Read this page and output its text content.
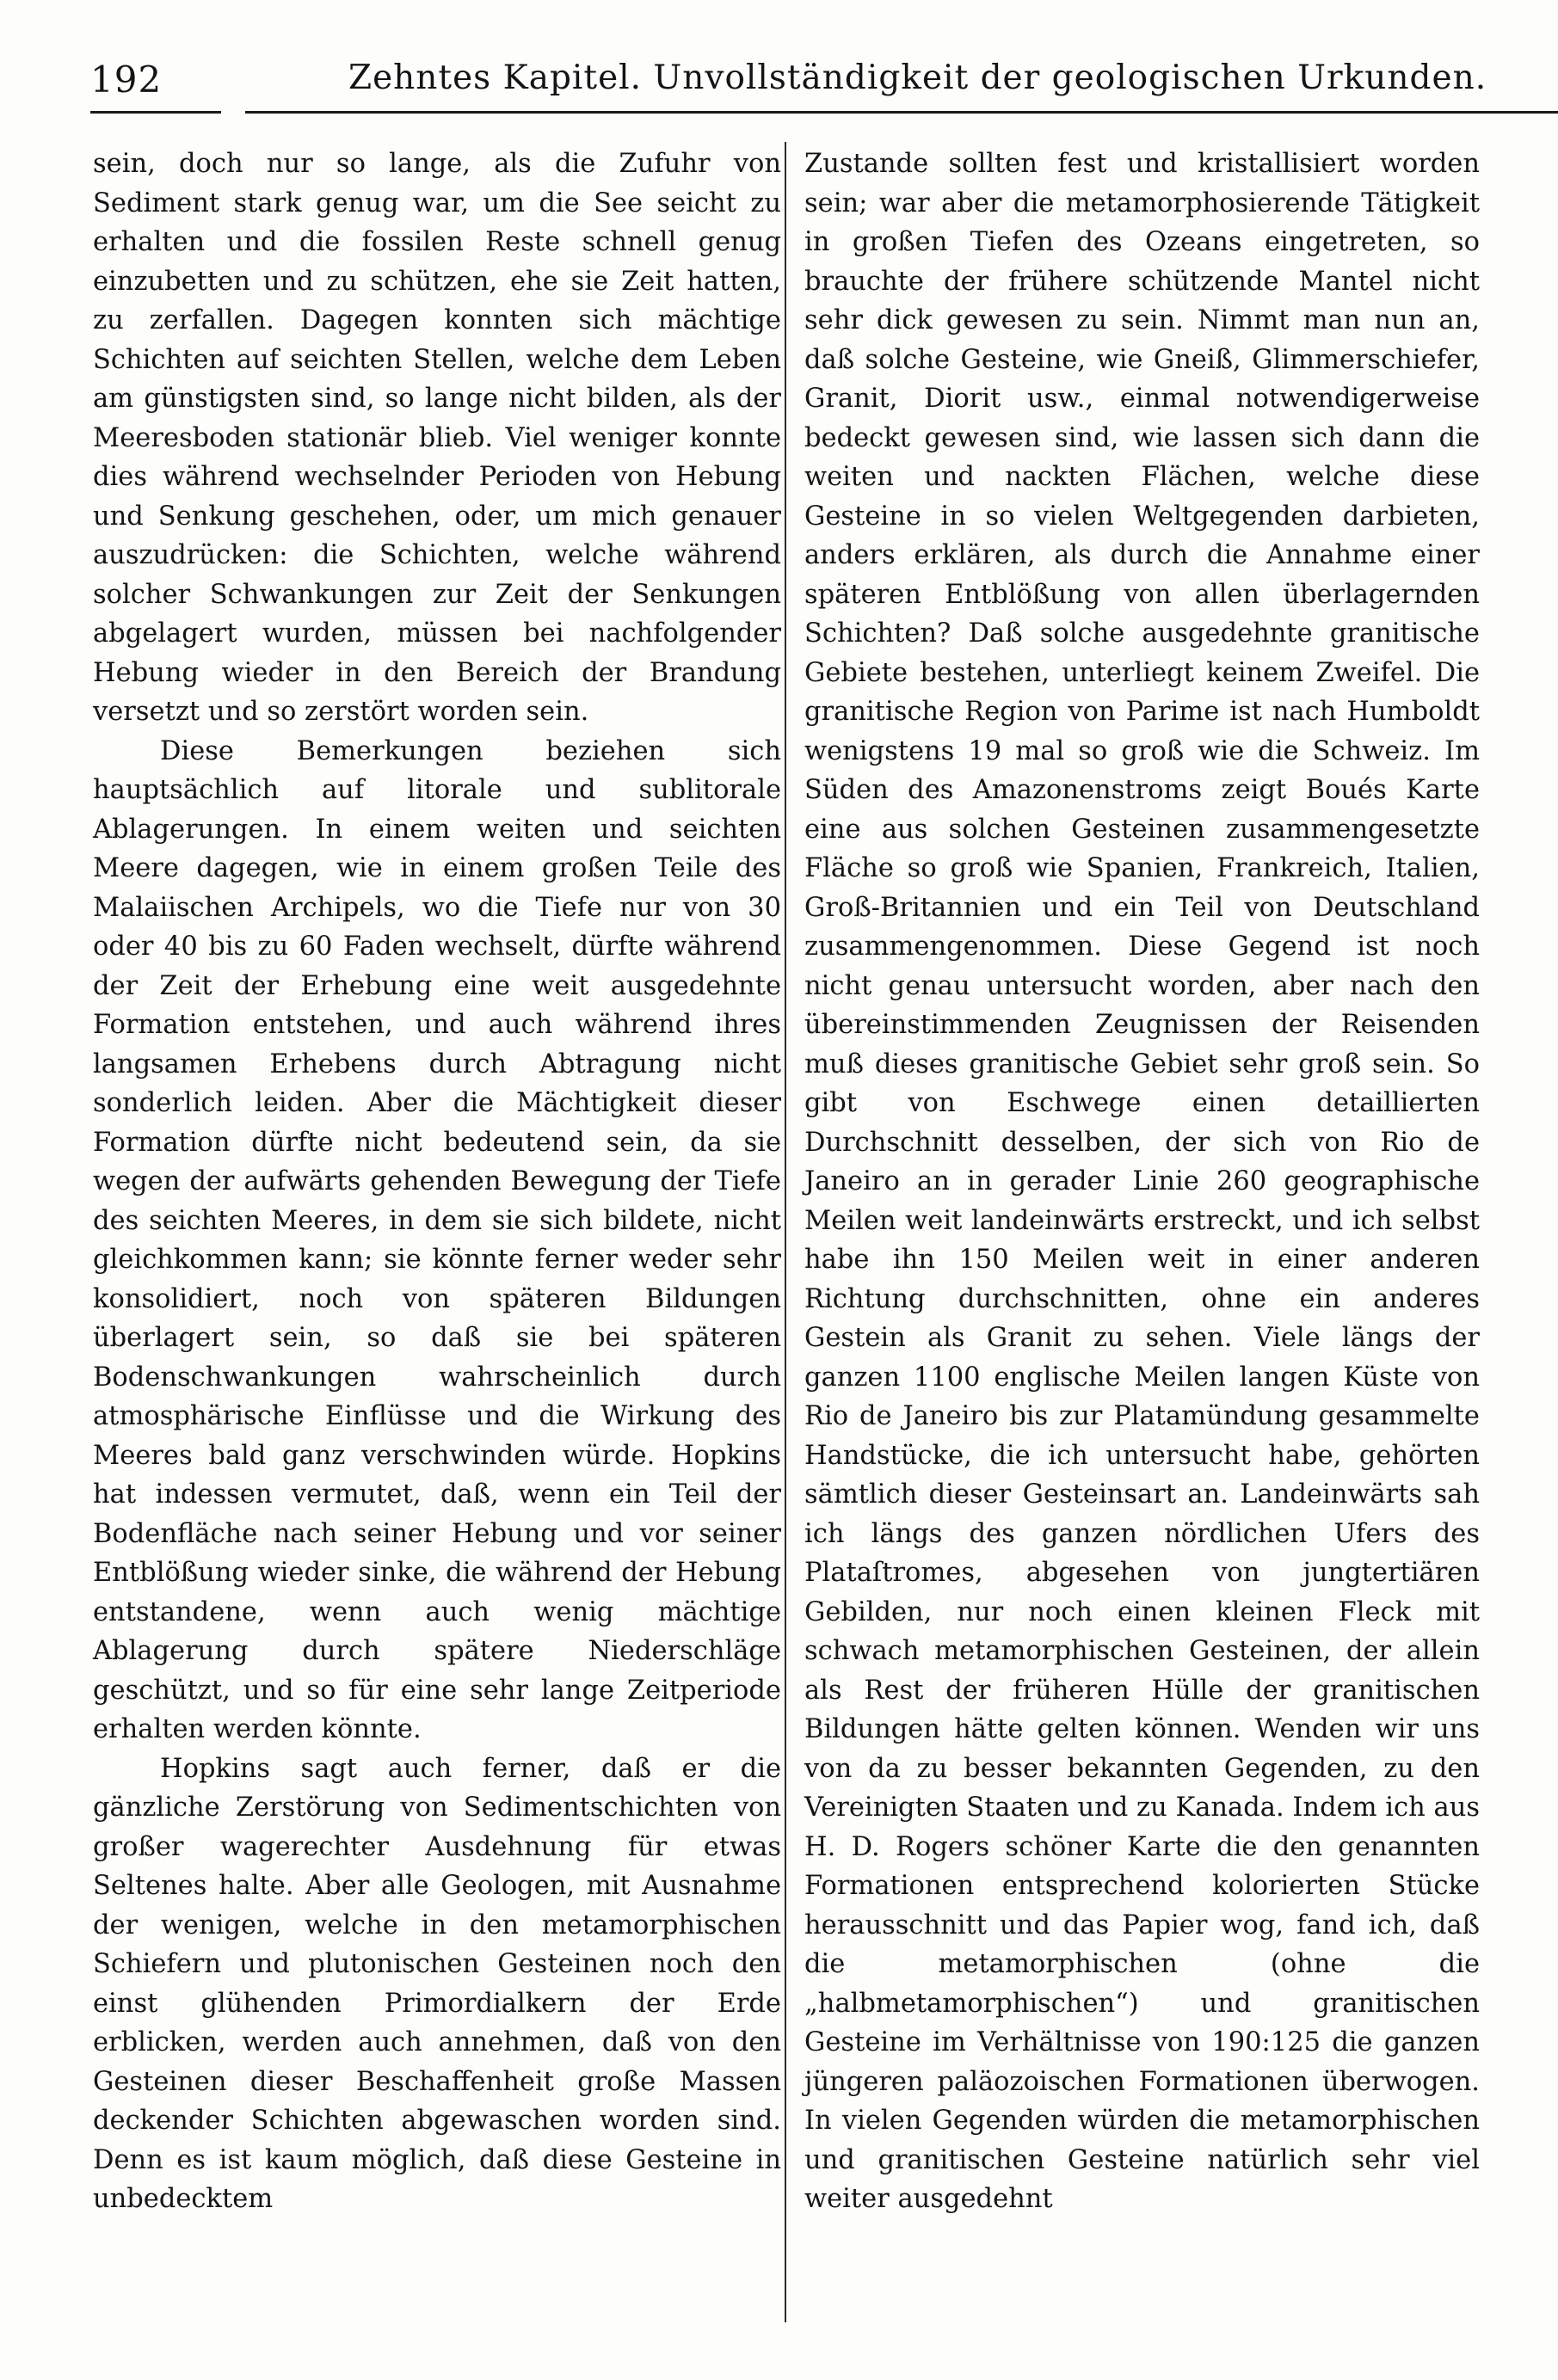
192	Zehntes Kapitel. Unvollständigkeit der geologischen Urkunden.

sein, doch nur so lange, als die Zufuhr von Sediment stark genug war, um die See seicht zu erhalten und die fossilen Reste schnell genug einzubetten und zu schützen, ehe sie Zeit hatten, zu zerfallen. Dagegen konnten sich mächtige Schichten auf seichten Stellen, welche dem Leben am günstigsten sind, so lange nicht bilden, als der Meeresboden stationär blieb. Viel weniger konnte dies während wechselnder Perioden von Hebung und Senkung geschehen, oder, um mich genauer auszudrücken: die Schichten, welche während solcher Schwankungen zur Zeit der Senkungen abgelagert wurden, müssen bei nachfolgender Hebung wieder in den Bereich der Brandung versetzt und so zerstört worden sein.

Diese Bemerkungen beziehen sich hauptsächlich auf litorale und sublitorale Ablagerungen. In einem weiten und seichten Meere dagegen, wie in einem großen Teile des Malaiischen Archipels, wo die Tiefe nur von 30 oder 40 bis zu 60 Faden wechselt, dürfte während der Zeit der Erhebung eine weit ausgedehnte Formation entstehen, und auch während ihres langsamen Erhebens durch Abtragung nicht sonderlich leiden. Aber die Mächtigkeit dieser Formation dürfte nicht bedeutend sein, da sie wegen der aufwärts gehenden Bewegung der Tiefe des seichten Meeres, in dem sie sich bildete, nicht gleichkommen kann; sie könnte ferner weder sehr konsolidiert, noch von späteren Bildungen überlagert sein, so daß sie bei späteren Bodenschwankungen wahrscheinlich durch atmosphärische Einflüsse und die Wirkung des Meeres bald ganz verschwinden würde. Hopkins hat indessen vermutet, daß, wenn ein Teil der Bodenfläche nach seiner Hebung und vor seiner Entblößung wieder sinke, die während der Hebung entstandene, wenn auch wenig mächtige Ablagerung durch spätere Niederschläge geschützt, und so für eine sehr lange Zeitperiode erhalten werden könnte.

Hopkins sagt auch ferner, daß er die gänzliche Zerstörung von Sedimentschichten von großer wagerechter Ausdehnung für etwas Seltenes halte. Aber alle Geologen, mit Ausnahme der wenigen, welche in den metamorphischen Schiefern und plutonischen Gesteinen noch den einst glühenden Primordialkern der Erde erblicken, werden auch annehmen, daß von den Gesteinen dieser Beschaffenheit große Massen deckender Schichten abgewaschen worden sind. Denn es ist kaum möglich, daß diese Gesteine in unbedecktem

Zustande sollten fest und kristallisiert worden sein; war aber die metamorphosierende Tätigkeit in großen Tiefen des Ozeans eingetreten, so brauchte der frühere schützende Mantel nicht sehr dick gewesen zu sein. Nimmt man nun an, daß solche Gesteine, wie Gneiß, Glimmerschiefer, Granit, Diorit usw., einmal notwendigerweise bedeckt gewesen sind, wie lassen sich dann die weiten und nackten Flächen, welche diese Gesteine in so vielen Weltgegenden darbieten, anders erklären, als durch die Annahme einer späteren Entblößung von allen überlagernden Schichten? Daß solche ausgedehnte granitische Gebiete bestehen, unterliegt keinem Zweifel. Die granitische Region von Parime ist nach Humboldt wenigstens 19 mal so groß wie die Schweiz. Im Süden des Amazonenstroms zeigt Boués Karte eine aus solchen Gesteinen zusammengesetzte Fläche so groß wie Spanien, Frankreich, Italien, Groß-Britannien und ein Teil von Deutschland zusammengenommen. Diese Gegend ist noch nicht genau untersucht worden, aber nach den übereinstimmenden Zeugnissen der Reisenden muß dieses granitische Gebiet sehr groß sein. So gibt von Eschwege einen detaillierten Durchschnitt desselben, der sich von Rio de Janeiro an in gerader Linie 260 geographische Meilen weit landeinwärts erstreckt, und ich selbst habe ihn 150 Meilen weit in einer anderen Richtung durchschnitten, ohne ein anderes Gestein als Granit zu sehen. Viele längs der ganzen 1100 englische Meilen langen Küste von Rio de Janeiro bis zur Platamündung gesammelte Handstücke, die ich untersucht habe, gehörten sämtlich dieser Gesteinsart an. Landeinwärts sah ich längs des ganzen nördlichen Ufers des Plataſtromes, abgesehen von jungtertiären Gebilden, nur noch einen kleinen Fleck mit schwach metamorphischen Gesteinen, der allein als Rest der früheren Hülle der granitischen Bildungen hätte gelten können. Wenden wir uns von da zu besser bekannten Gegenden, zu den Vereinigten Staaten und zu Kanada. Indem ich aus H. D. Rogers schöner Karte die den genannten Formationen entsprechend kolorierten Stücke herausschnitt und das Papier wog, fand ich, daß die metamorphischen (ohne die „halbmetamorphischen“) und granitischen Gesteine im Verhältnisse von 190:125 die ganzen jüngeren paläozoischen Formationen überwogen. In vielen Gegenden würden die metamorphischen und granitischen Gesteine natürlich sehr viel weiter ausgedehnt
